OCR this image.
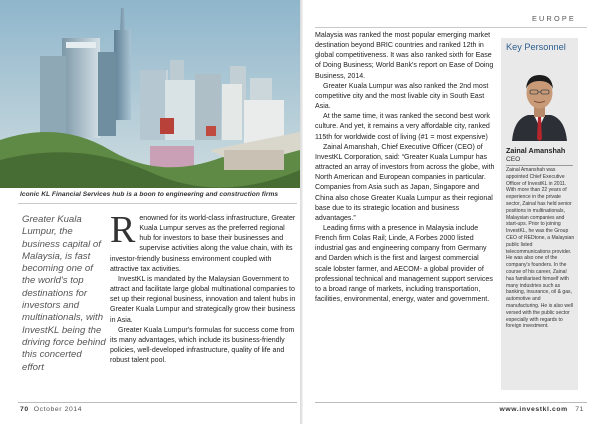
Iconic KL Financial Services hub is a boon to engineering and construction firms
Greater Kuala Lumpur, the business capital of Malaysia, is fast becoming one of the world's top destinations for investors and multinationals, with InvestKL being the driving force behind this concerted effort

Renowned for its world-class infrastructure, Greater Kuala Lumpur serves as the preferred regional hub for investors to base their businesses and supervise activities along the value chain, with its investor-friendly business environment coupled with attractive tax activities.

InvestKL is mandated by the Malaysian Government to attract and facilitate large global multinational companies to set up their regional business, innovation and talent hubs in Greater Kuala Lumpur and strategically grow their business in Asia.

Greater Kuala Lumpur's formulas for success come from its many advantages, which include its business-friendly policies, well-developed infrastructure, quality of life and robust talent pool.

70 October 2014
EUROPE

Malaysia was ranked the most popular emerging market destination beyond BRIC countries and ranked 12th in global competitiveness. It was also ranked sixth for Ease of Doing Business; World Bank's report on Ease of Doing Business, 2014.

Greater Kuala Lumpur was also ranked the 2nd most competitive city and the most livable city in South East Asia.

At the same time, it was ranked the second best work culture. And yet, it remains a very affordable city, ranked 115th for worldwide cost of living (#1 = most expensive)

Zainal Amanshah, Chief Executive Officer (CEO) of InvestKL Corporation, said: “Greater Kuala Lumpur has attracted an array of investors from across the globe, with North American and European companies in particular. Companies from Asia such as Japan, Singapore and China also chose Greater Kuala Lumpur as their regional base due to its strategic location and business advantages.”

Leading firms with a presence in Malaysia include French firm Colas Rail; Linde, A Forbes 2000 listed industrial gas and engineering company from Germany and Darden which is the first and largest commercial scale lobster farmer, and AECOM- a global provider of professional technical and management support services to a broad range of markets, including transportation, facilities, environmental, energy, water and government.

Key Personnel
Zainal Amanshah
CEO
Zainal Amanshah was appointed Chief Executive Officer of InvestKL in 2011. With more than 22 years of experience in the private sector, Zainal has held senior positions in multinationals, Malaysian companies and start-ups. Prior to joining InvestKL, he was the Group CEO of REDtone, a Malaysian public listed telecommunications provider. He was also one of the company's founders. In the course of his career, Zainal has familiarised himself with many industries such as banking, insurance, oil & gas, automotive and manufacturing. He is also well versed with the public sector especially with regards to foreign investment.
www.investkl.com 71
